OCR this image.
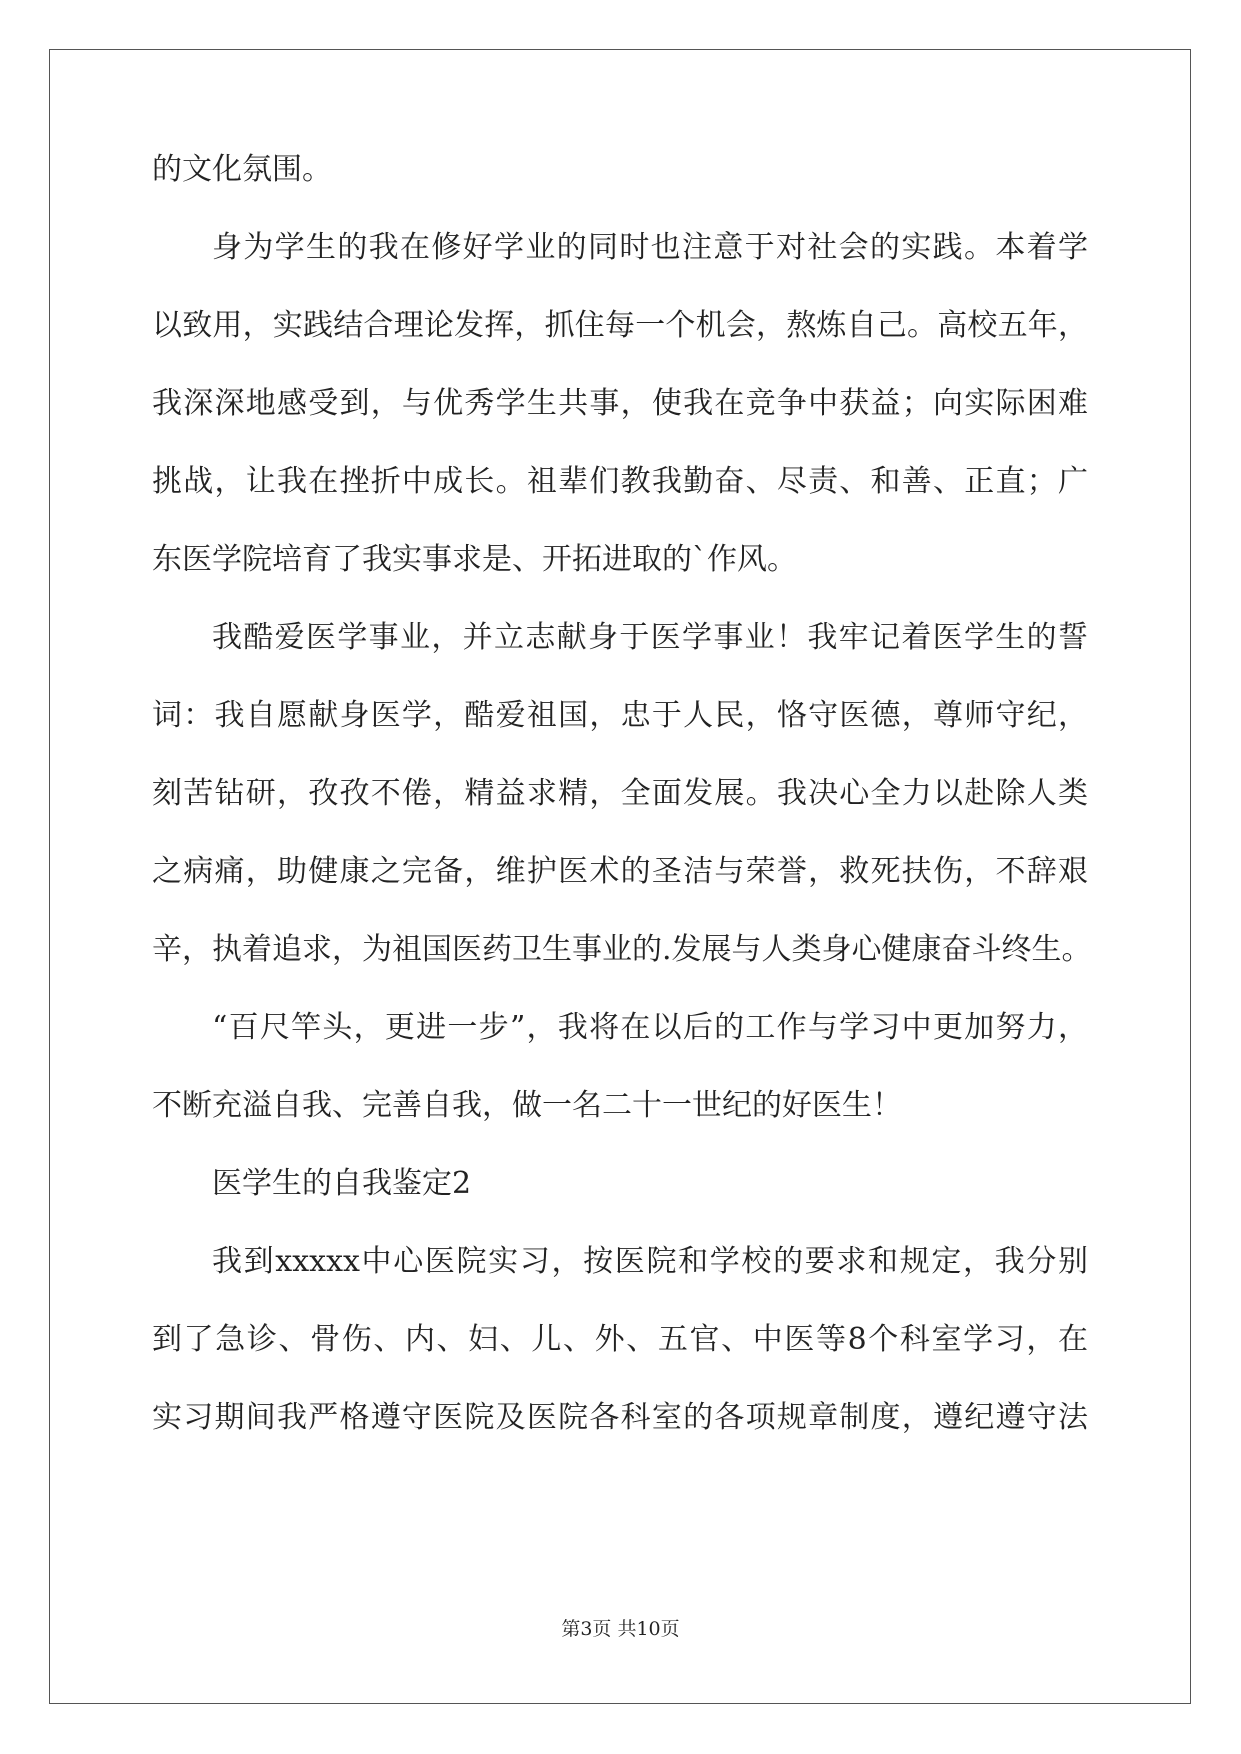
的文化氛围。

身为学生的我在修好学业的同时也注意于对社会的实践。本着学

以致用，实践结合理论发挥，抓住每一个机会，熬炼自己。高校五年，

我深深地感受到，与优秀学生共事，使我在竞争中获益；向实际困难

挑战，让我在挫折中成长。祖辈们教我勤奋、尽责、和善、正直；广

东医学院培育了我实事求是、开拓进取的`作风。

我酷爱医学事业，并立志献身于医学事业！我牢记着医学生的誓

词：我自愿献身医学，酷爱祖国，忠于人民，恪守医德，尊师守纪，

刻苦钻研，孜孜不倦，精益求精，全面发展。我决心全力以赴除人类

之病痛，助健康之完备，维护医术的圣洁与荣誉，救死扶伤，不辞艰

辛，执着追求，为祖国医药卫生事业的.发展与人类身心健康奋斗终生。

“百尺竿头，更进一步”，我将在以后的工作与学习中更加努力，

不断充溢自我、完善自我，做一名二十一世纪的好医生！

医学生的自我鉴定2

我到xxxxx中心医院实习，按医院和学校的要求和规定，我分别

到了急诊、骨伤、内、妇、儿、外、五官、中医等8个科室学习，在

实习期间我严格遵守医院及医院各科室的各项规章制度，遵纪遵守法

第3页 共10页
